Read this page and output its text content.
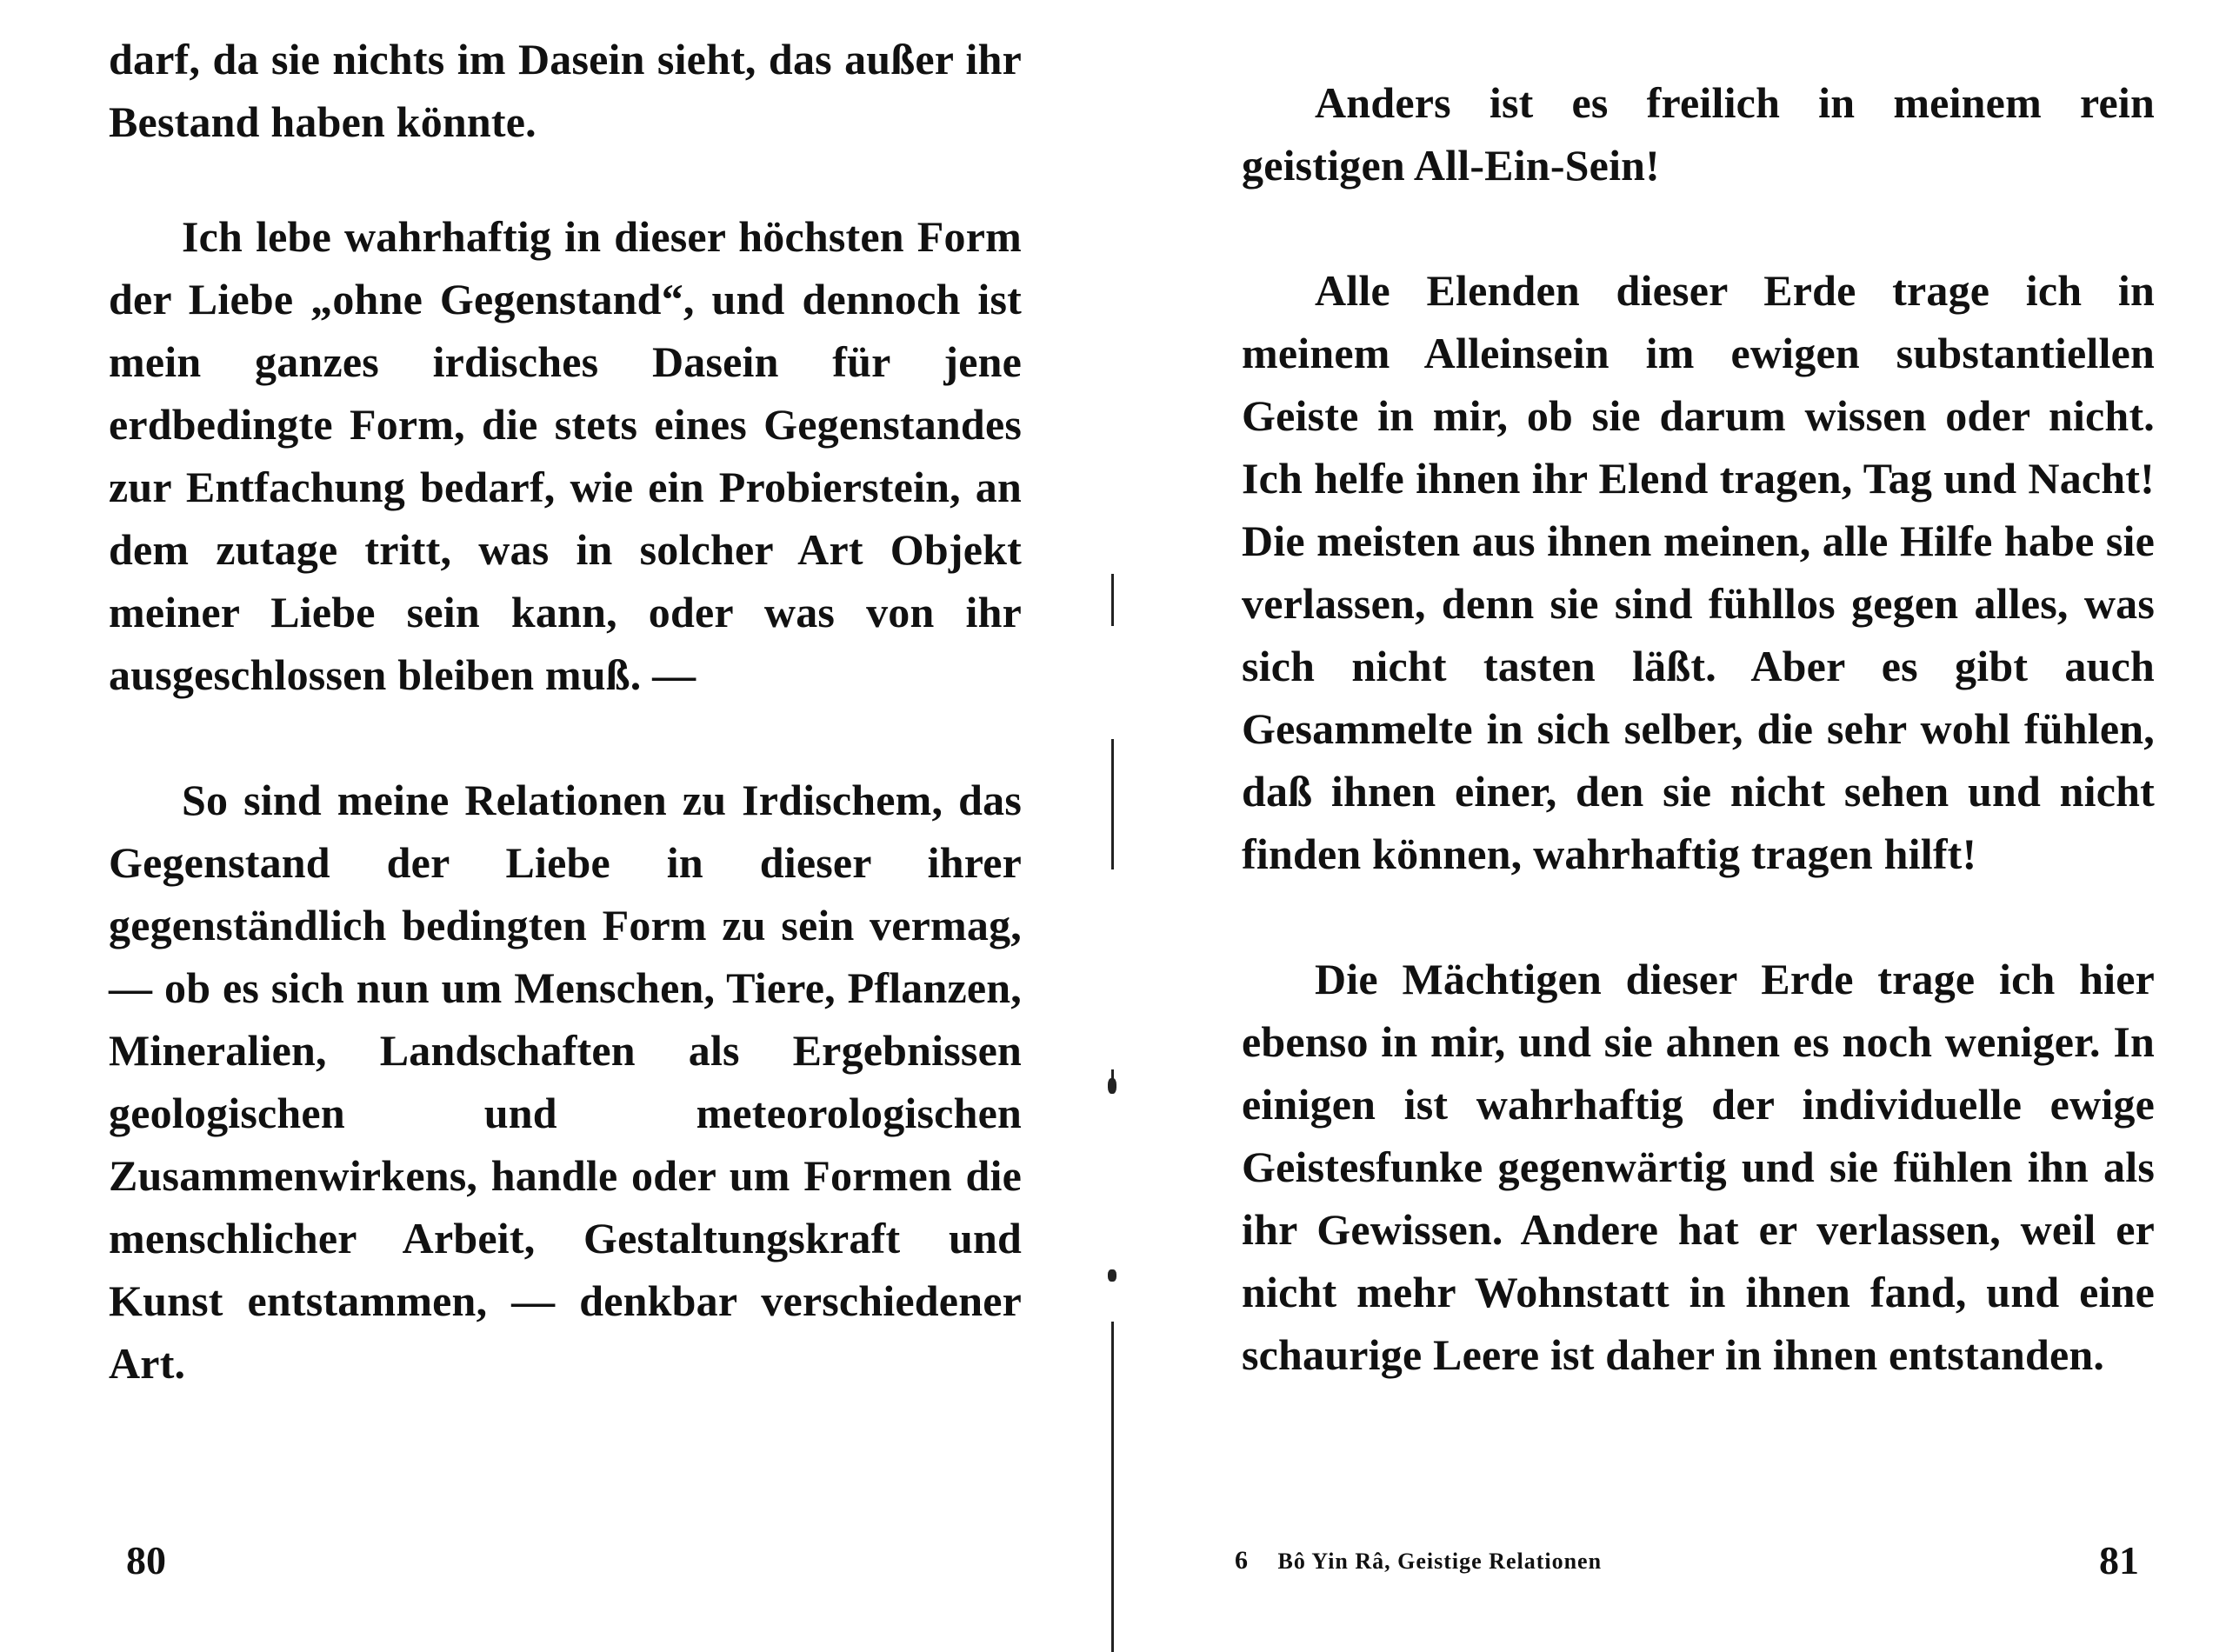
darf, da sie nichts im Dasein sieht, das außer ihr Bestand haben könnte.

Ich lebe wahrhaftig in dieser höchsten Form der Liebe „ohne Gegenstand“, und dennoch ist mein ganzes irdisches Dasein für jene erdbedingte Form, die stets eines Gegenstandes zur Entfachung bedarf, wie ein Probierstein, an dem zutage tritt, was in solcher Art Objekt meiner Liebe sein kann, oder was von ihr ausgeschlossen bleiben muß. —

So sind meine Relationen zu Irdischem, das Gegenstand der Liebe in dieser ihrer gegenständlich bedingten Form zu sein vermag, — ob es sich nun um Menschen, Tiere, Pflanzen, Mineralien, Landschaften als Ergebnissen geologischen und meteorologischen Zusammenwirkens, handle oder um Formen die menschlicher Arbeit, Gestaltungskraft und Kunst entstammen, — denkbar verschiedener Art.

80

Anders ist es freilich in meinem rein geistigen All-Ein-Sein!

Alle Elenden dieser Erde trage ich in meinem Alleinsein im ewigen substantiellen Geiste in mir, ob sie darum wissen oder nicht. Ich helfe ihnen ihr Elend tragen, Tag und Nacht! Die meisten aus ihnen meinen, alle Hilfe habe sie verlassen, denn sie sind fühllos gegen alles, was sich nicht tasten läßt. Aber es gibt auch Gesammelte in sich selber, die sehr wohl fühlen, daß ihnen einer, den sie nicht sehen und nicht finden können, wahrhaftig tragen hilft!

Die Mächtigen dieser Erde trage ich hier ebenso in mir, und sie ahnen es noch weniger. In einigen ist wahrhaftig der individuelle ewige Geistesfunke gegenwärtig und sie fühlen ihn als ihr Gewissen. Andere hat er verlassen, weil er nicht mehr Wohnstatt in ihnen fand, und eine schaurige Leere ist daher in ihnen entstanden.

6 Bô Yin Râ, Geistige Relationen	81
